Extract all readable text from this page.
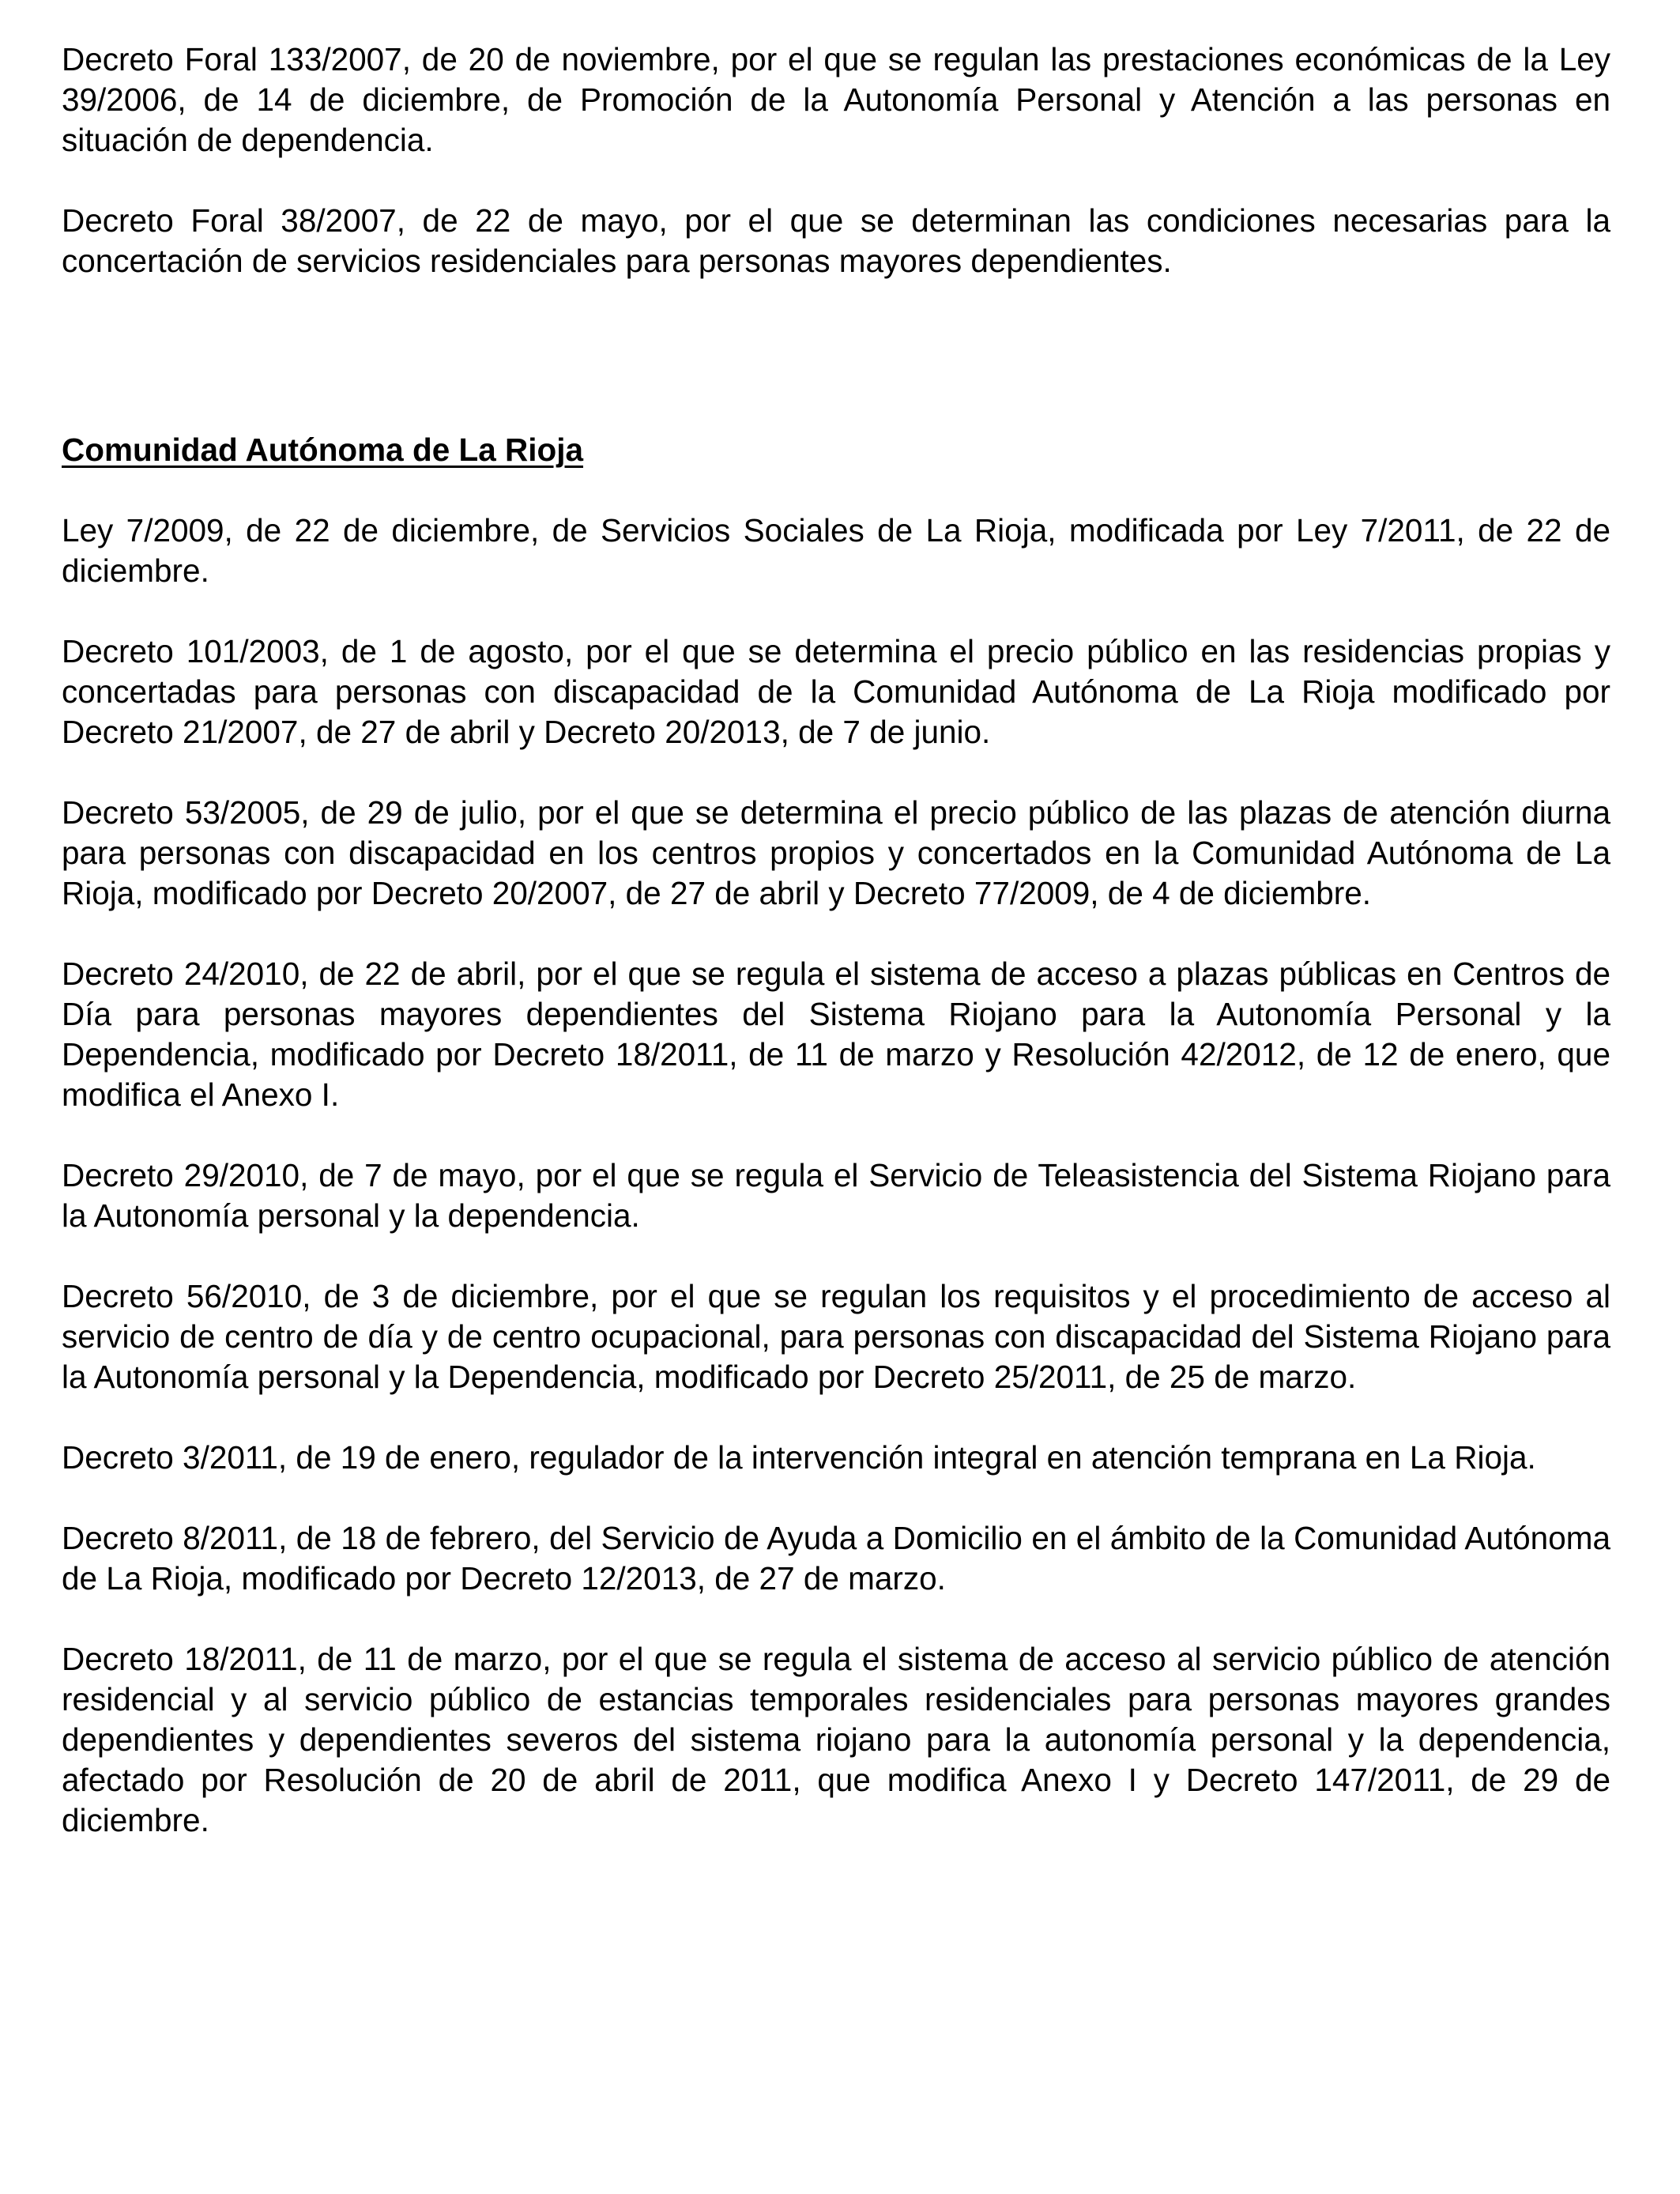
Decreto Foral 133/2007, de 20 de noviembre, por el que se regulan las prestaciones económicas de la Ley 39/2006, de 14 de diciembre, de Promoción de la Autonomía Personal y Atención a las personas en situación de dependencia.

Decreto Foral 38/2007, de 22 de mayo, por el que se determinan las condiciones necesarias para la concertación de servicios residenciales para personas mayores dependientes.

Comunidad Autónoma de La Rioja

Ley 7/2009, de 22 de diciembre, de Servicios Sociales de La Rioja, modificada por Ley 7/2011, de 22 de diciembre.

Decreto 101/2003, de 1 de agosto, por el que se determina el precio público en las residencias propias y concertadas para personas con discapacidad de la Comunidad Autónoma de La Rioja modificado por Decreto 21/2007, de 27 de abril y Decreto 20/2013, de 7 de junio.

Decreto 53/2005, de 29 de julio, por el que se determina el precio público de las plazas de atención diurna para personas con discapacidad en los centros propios y concertados en la Comunidad Autónoma de La Rioja, modificado por Decreto 20/2007, de 27 de abril y Decreto 77/2009, de 4 de diciembre.

Decreto 24/2010, de 22 de abril, por el que se regula el sistema de acceso a plazas públicas en Centros de Día para personas mayores dependientes del Sistema Riojano para la Autonomía Personal y la Dependencia, modificado por Decreto 18/2011, de 11 de marzo y Resolución 42/2012, de 12 de enero, que modifica el Anexo I.

Decreto 29/2010, de 7 de mayo, por el que se regula el Servicio de Teleasistencia del Sistema Riojano para la Autonomía personal y la dependencia.

Decreto 56/2010, de 3 de diciembre, por el que se regulan los requisitos y el procedimiento de acceso al servicio de centro de día y de centro ocupacional, para personas con discapacidad del Sistema Riojano para la Autonomía personal y la Dependencia, modificado por Decreto 25/2011, de 25 de marzo.

Decreto 3/2011, de 19 de enero, regulador de la intervención integral en atención temprana en La Rioja.

Decreto 8/2011, de 18 de febrero, del Servicio de Ayuda a Domicilio en el ámbito de la Comunidad Autónoma de La Rioja, modificado por Decreto 12/2013, de 27 de marzo.

Decreto 18/2011, de 11 de marzo, por el que se regula el sistema de acceso al servicio público de atención residencial y al servicio público de estancias temporales residenciales para personas mayores grandes dependientes y dependientes severos del sistema riojano para la autonomía personal y la dependencia, afectado por Resolución de 20 de abril de 2011, que modifica Anexo I y Decreto 147/2011, de 29 de diciembre.
